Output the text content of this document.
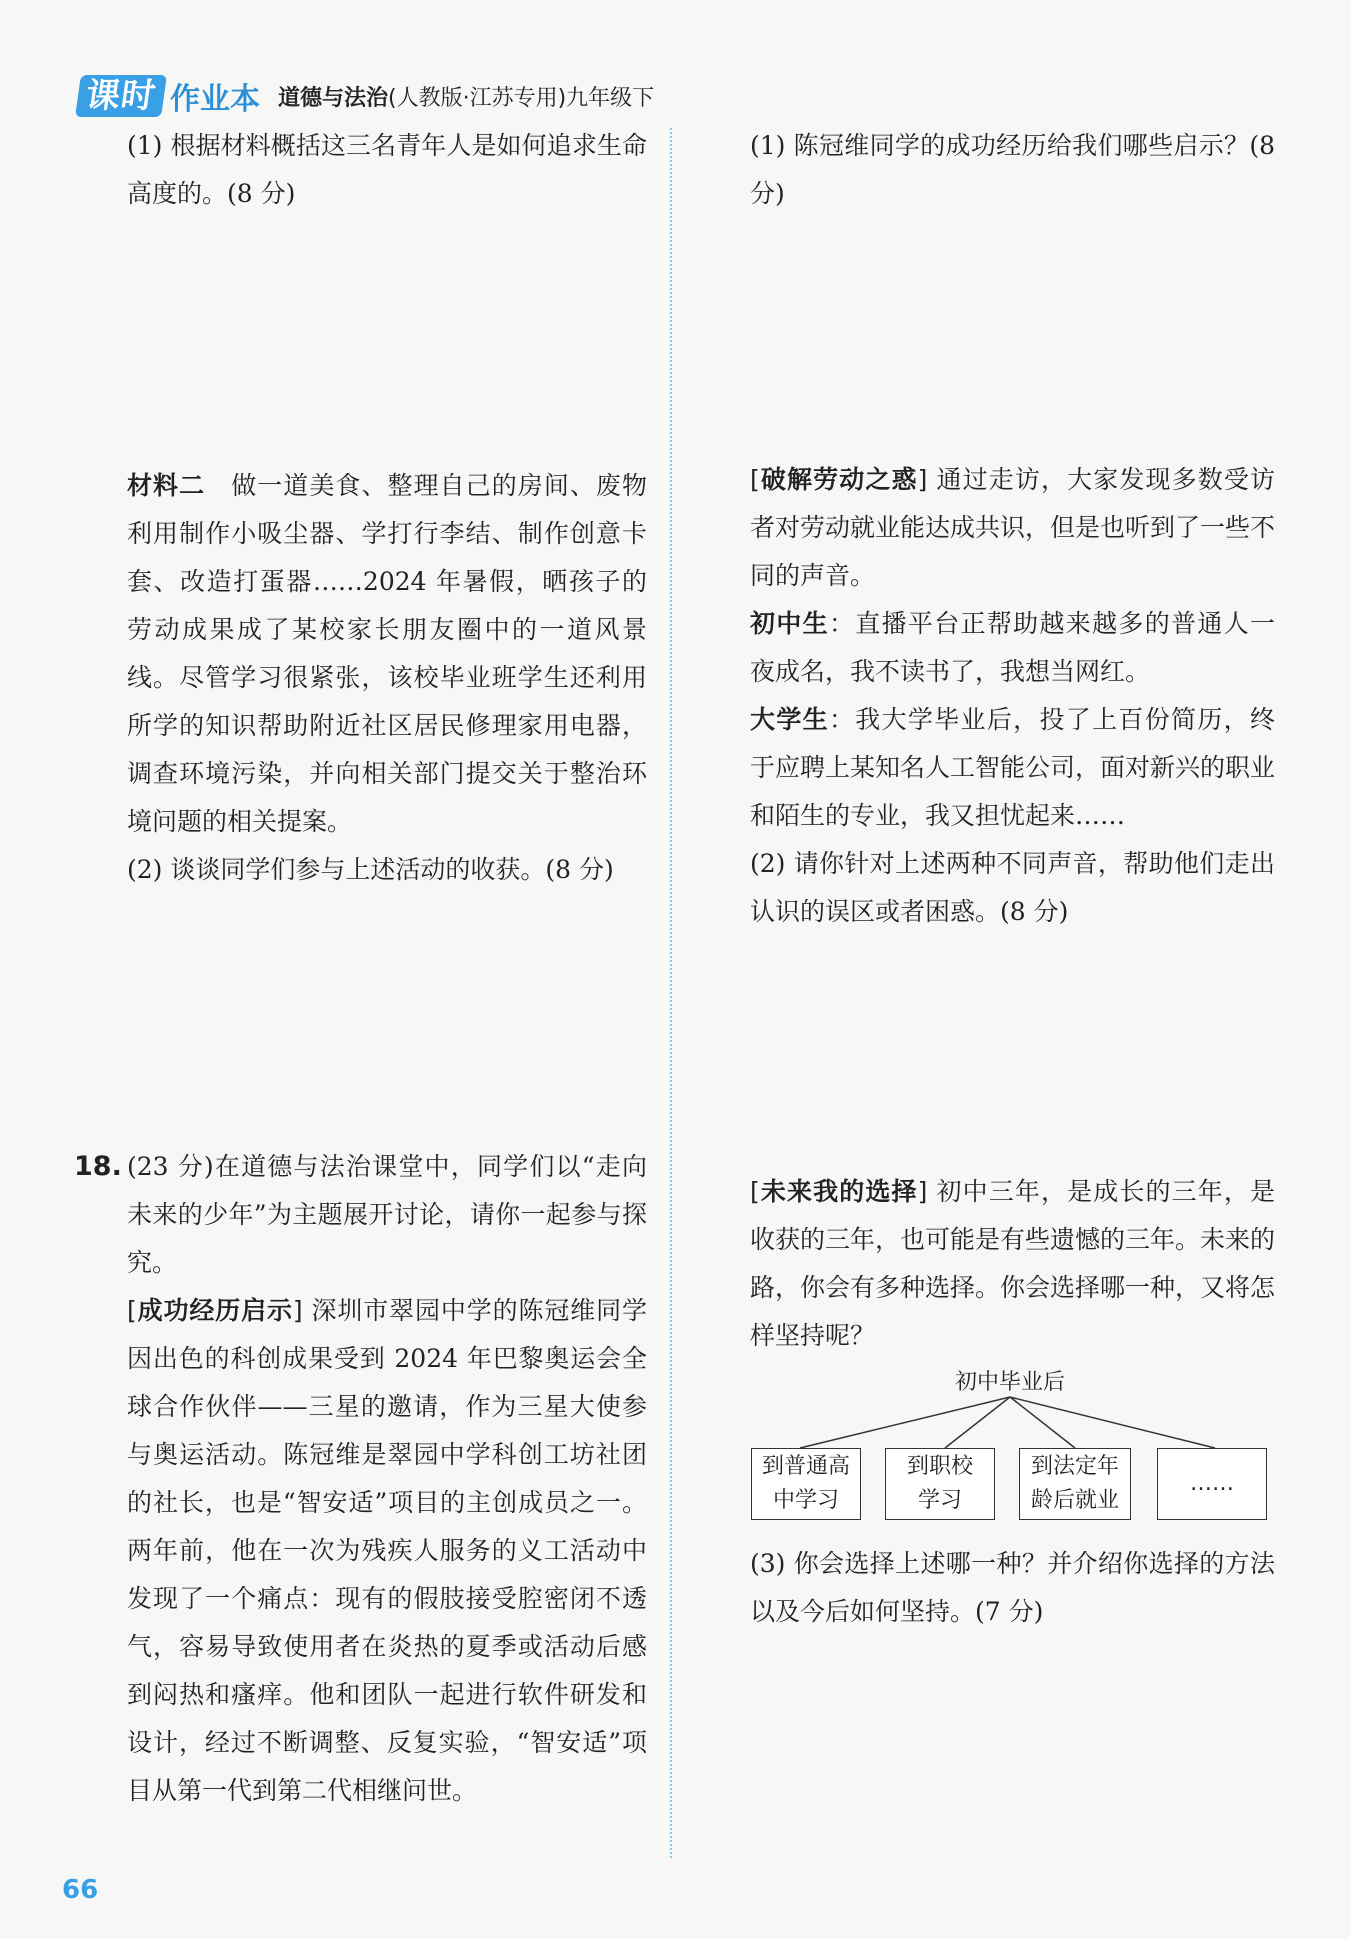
课时 作业本 道德与法治 (人教版·江苏专用)九年级下

(1) 根据材料概括这三名青年人是如何追求生命高度的。(8 分)

材料二　做一道美食、整理自己的房间、废物利用制作小吸尘器、学打行李结、制作创意卡套、改造打蛋器……2024 年暑假，晒孩子的劳动成果成了某校家长朋友圈中的一道风景线。尽管学习很紧张，该校毕业班学生还利用所学的知识帮助附近社区居民修理家用电器，调查环境污染，并向相关部门提交关于整治环境问题的相关提案。

(2) 谈谈同学们参与上述活动的收获。(8 分)

18. (23 分)在道德与法治课堂中，同学们以“走向未来的少年”为主题展开讨论，请你一起参与探究。

[成功经历启示] 深圳市翠园中学的陈冠维同学因出色的科创成果受到 2024 年巴黎奥运会全球合作伙伴——三星的邀请，作为三星大使参与奥运活动。陈冠维是翠园中学科创工坊社团的社长，也是“智安适”项目的主创成员之一。两年前，他在一次为残疾人服务的义工活动中发现了一个痛点：现有的假肢接受腔密闭不透气，容易导致使用者在炎热的夏季或活动后感到闷热和瘙痒。他和团队一起进行软件研发和设计，经过不断调整、反复实验，“智安适”项目从第一代到第二代相继问世。

(1) 陈冠维同学的成功经历给我们哪些启示？(8 分)

[破解劳动之惑] 通过走访，大家发现多数受访者对劳动就业能达成共识，但是也听到了一些不同的声音。

初中生：直播平台正帮助越来越多的普通人一夜成名，我不读书了，我想当网红。

大学生：我大学毕业后，投了上百份简历，终于应聘上某知名人工智能公司，面对新兴的职业和陌生的专业，我又担忧起来……

(2) 请你针对上述两种不同声音，帮助他们走出认识的误区或者困惑。(8 分)

[未来我的选择] 初中三年，是成长的三年，是收获的三年，也可能是有些遗憾的三年。未来的路，你会有多种选择。你会选择哪一种，又将怎样坚持呢？

初中毕业后
到普通高
中学习
到职校
学习
到法定年
龄后就业
……

(3) 你会选择上述哪一种？并介绍你选择的方法以及今后如何坚持。(7 分)

66
